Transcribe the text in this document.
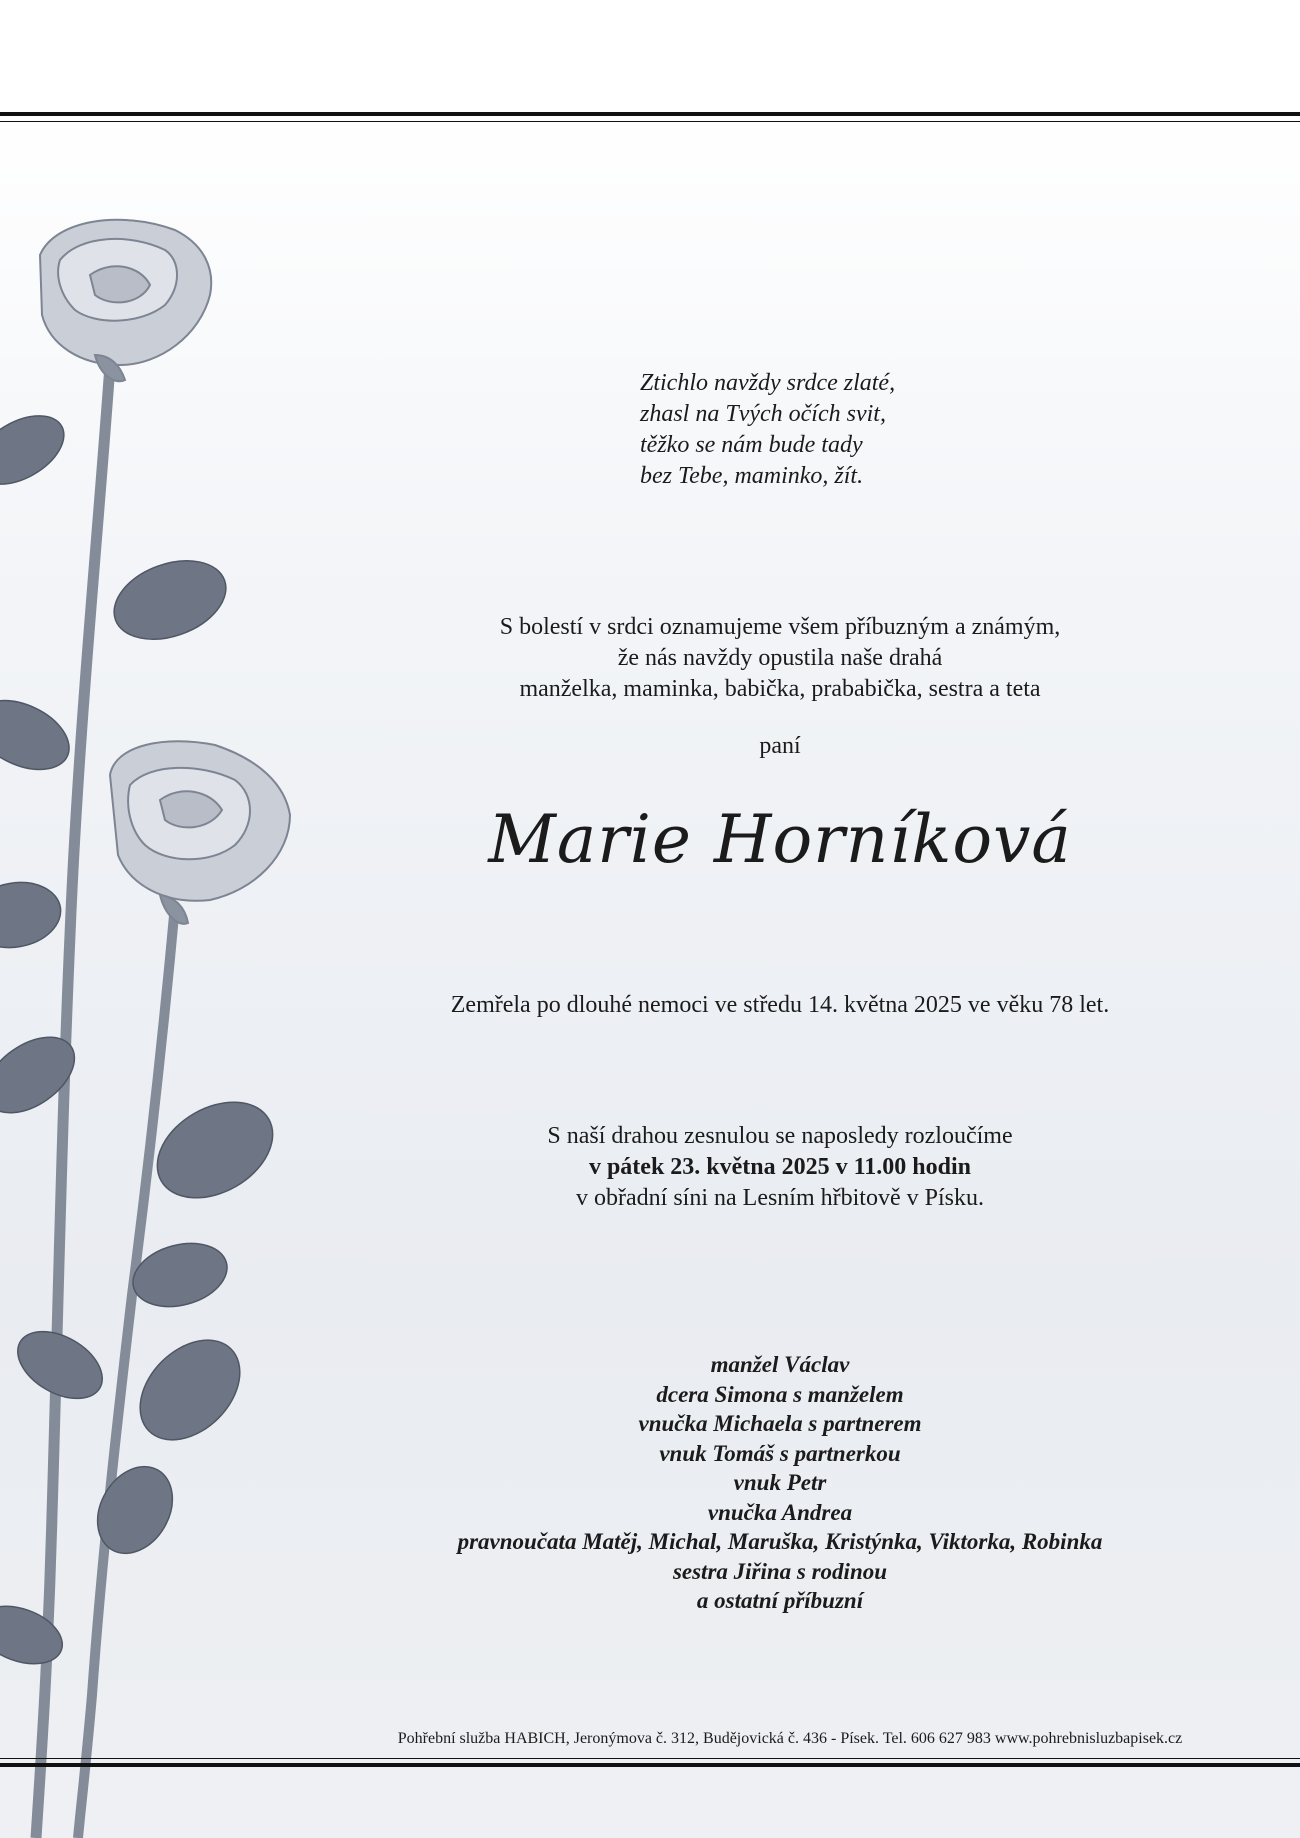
Ztichlo navždy srdce zlaté,
zhasl na Tvých očích svit,
těžko se nám bude tady
bez Tebe, maminko, žít.
S bolestí v srdci oznamujeme všem příbuzným a známým,
že nás navždy opustila naše drahá
manželka, maminka, babička, prababička, sestra a teta
paní
Marie Horníková
Zemřela po dlouhé nemoci ve středu 14. května 2025 ve věku 78 let.
S naší drahou zesnulou se naposledy rozloučíme
v pátek 23. května 2025 v 11.00 hodin
v obřadní síni na Lesním hřbitově v Písku.
manžel Václav
dcera Simona s manželem
vnučka Michaela s partnerem
vnuk Tomáš s partnerkou
vnuk Petr
vnučka Andrea
pravnoučata Matěj, Michal, Maruška, Kristýnka, Viktorka, Robinka
sestra Jiřina s rodinou
a ostatní příbuzní
Pohřební služba HABICH, Jeronýmova č. 312, Budějovická č. 436 - Písek. Tel. 606 627 983 www.pohrebnisluzbapisek.cz
